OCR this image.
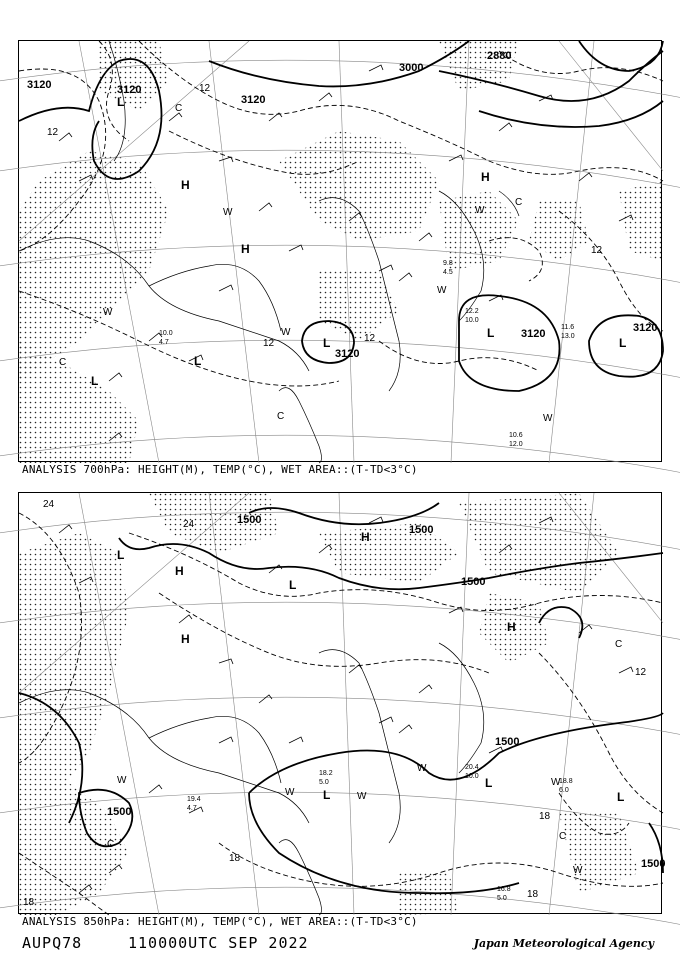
3120	3120
3000
2880
3120
3120	3120
3120
12
12
12	12
12
L
L
L
L
L
L
H
H
H
W
W
W
W
W
W
C
C
C
C
10.6
12.0
11.6
13.0
12.2
10.0
10.0
4.7
9.8
4.5
ANALYSIS 700hPa: HEIGHT(M), TEMP(°C), WET AREA::(T-TD<3°C)
1500
1500
1500
1500
1500
1500
24
24
18
18
18
18
12
L
L
L
L
L
H
H
H
H
W
W
W
W
W
W
C
C
C
16.8
5.0
18.8
6.0
20.4
10.0
19.4
4.7
18.2
5.0
ANALYSIS 850hPa: HEIGHT(M), TEMP(°C), WET AREA::(T-TD<3°C)
AUPQ78	110000UTC SEP 2022	Japan Meteorological Agency
